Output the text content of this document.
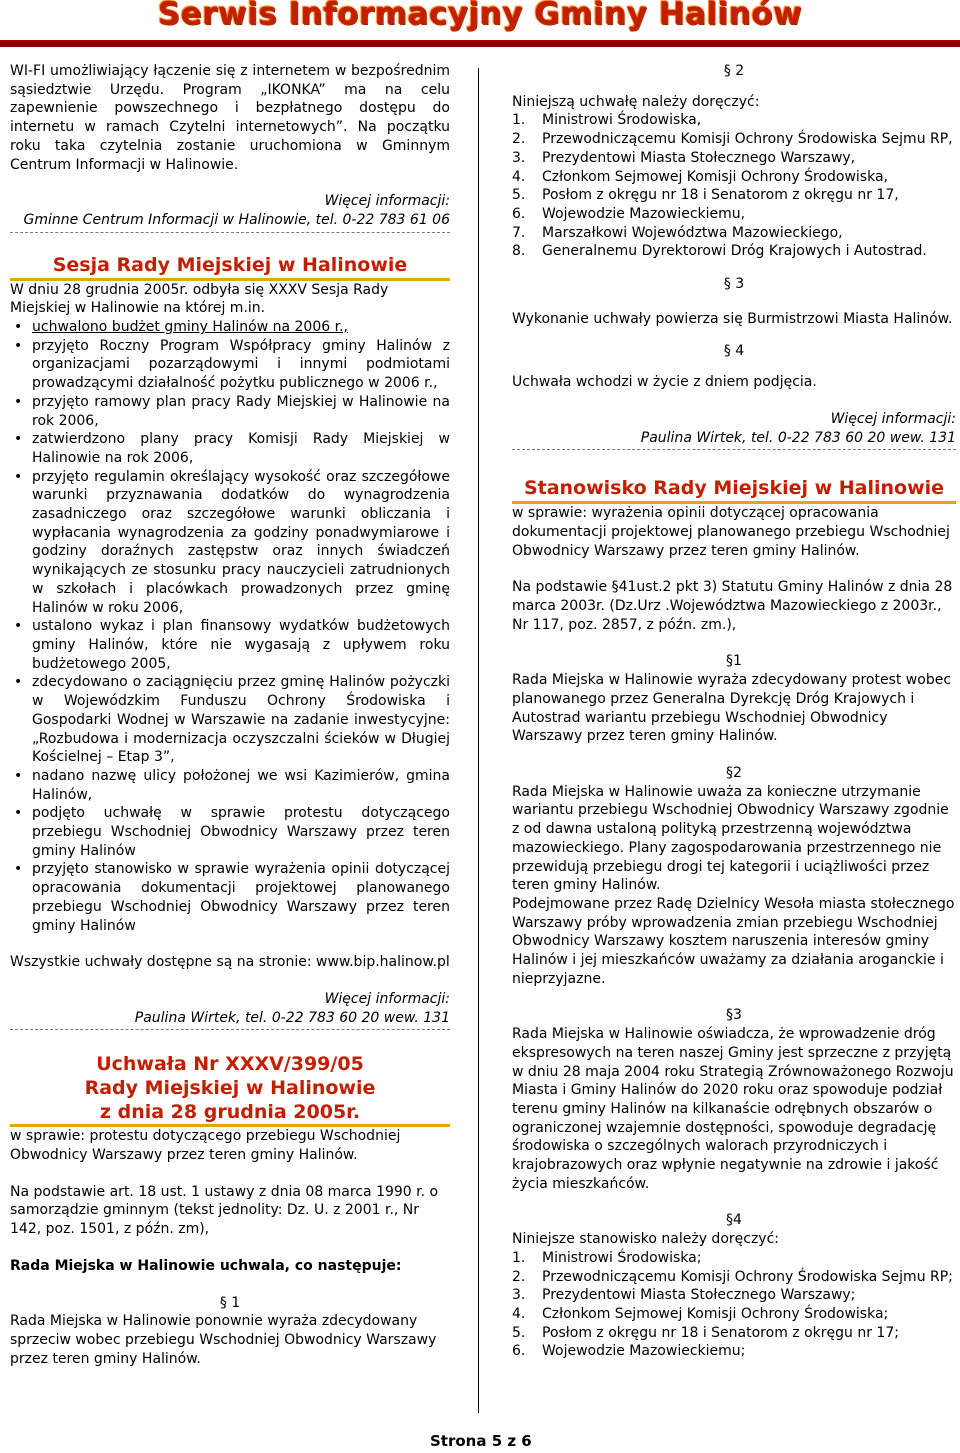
Serwis Informacyjny Gminy Halinów

WI-FI umożliwiający łączenie się z internetem w bezpośrednim sąsiedztwie Urzędu. Program „IKONKA” ma na celu zapewnienie powszechnego i bezpłatnego dostępu do internetu w ramach Czytelni internetowych”. Na początku roku taka czytelnia zostanie uruchomiona w Gminnym Centrum Informacji w Halinowie.

Więcej informacji:

Gminne Centrum Informacji w Halinowie, tel. 0-22 783 61 06

Sesja Rady Miejskiej w Halinowie

W dniu 28 grudnia 2005r. odbyła się XXXV Sesja Rady Miejskiej w Halinowie na której m.in.

• uchwalono budżet gminy Halinów na 2006 r.,
• przyjęto Roczny Program Współpracy gminy Halinów z organizacjami pozarządowymi i innymi podmiotami prowadzącymi działalność pożytku publicznego w 2006 r.,
• przyjęto ramowy plan pracy Rady Miejskiej w Halinowie na rok 2006,
• zatwierdzono plany pracy Komisji Rady Miejskiej w Halinowie na rok 2006,
• przyjęto regulamin określający wysokość oraz szczegółowe warunki przyznawania dodatków do wynagrodzenia zasadniczego oraz szczegółowe warunki obliczania i wypłacania wynagrodzenia za godziny ponadwymiarowe i godziny doraźnych zastępstw oraz innych świadczeń wynikających ze stosunku pracy nauczycieli zatrudnionych w szkołach i placówkach prowadzonych przez gminę Halinów w roku 2006,
• ustalono wykaz i plan finansowy wydatków budżetowych gminy Halinów, które nie wygasają z upływem roku budżetowego 2005,
• zdecydowano o zaciągnięciu przez gminę Halinów pożyczki w Wojewódzkim Funduszu Ochrony Środowiska i Gospodarki Wodnej w Warszawie na zadanie inwestycyjne: „Rozbudowa i modernizacja oczyszczalni ścieków w Długiej Kościelnej – Etap 3”,
• nadano nazwę ulicy położonej we wsi Kazimierów, gmina Halinów,
• podjęto uchwałę w sprawie protestu dotyczącego przebiegu Wschodniej Obwodnicy Warszawy przez teren gminy Halinów
• przyjęto stanowisko w sprawie wyrażenia opinii dotyczącej opracowania dokumentacji projektowej planowanego przebiegu Wschodniej Obwodnicy Warszawy przez teren gminy Halinów

Wszystkie uchwały dostępne są na stronie: www.bip.halinow.pl

Więcej informacji:

Paulina Wirtek, tel. 0-22 783 60 20 wew. 131

Uchwała Nr XXXV/399/05
Rady Miejskiej w Halinowie
z dnia 28 grudnia 2005r.

w sprawie: protestu dotyczącego przebiegu Wschodniej Obwodnicy Warszawy przez teren gminy Halinów.

Na podstawie art. 18 ust. 1 ustawy z dnia 08 marca 1990 r. o samorządzie gminnym (tekst jednolity: Dz. U. z 2001 r., Nr 142, poz. 1501, z późn. zm),

Rada Miejska w Halinowie uchwala, co następuje:

§ 1

Rada Miejska w Halinowie ponownie wyraża zdecydowany sprzeciw wobec przebiegu Wschodniej Obwodnicy Warszawy przez teren gminy Halinów.

§ 2

Niniejszą uchwałę należy doręczyć:

1. Ministrowi Środowiska,
2. Przewodniczącemu Komisji Ochrony Środowiska Sejmu RP,
3. Prezydentowi Miasta Stołecznego Warszawy,
4. Członkom Sejmowej Komisji Ochrony Środowiska,
5. Posłom z okręgu nr 18 i Senatorom z okręgu nr 17,
6. Wojewodzie Mazowieckiemu,
7. Marszałkowi Województwa Mazowieckiego,
8. Generalnemu Dyrektorowi Dróg Krajowych i Autostrad.

§ 3

Wykonanie uchwały powierza się Burmistrzowi Miasta Halinów.

§ 4

Uchwała wchodzi w życie z dniem podjęcia.

Więcej informacji:

Paulina Wirtek, tel. 0-22 783 60 20 wew. 131

Stanowisko Rady Miejskiej w Halinowie

w sprawie: wyrażenia opinii dotyczącej opracowania dokumentacji projektowej planowanego przebiegu Wschodniej Obwodnicy Warszawy przez teren gminy Halinów.

Na podstawie §41ust.2 pkt 3) Statutu Gminy Halinów z dnia 28 marca 2003r. (Dz.Urz .Województwa Mazowieckiego z 2003r., Nr 117, poz. 2857, z późn. zm.),

§1

Rada Miejska w Halinowie wyraża zdecydowany protest wobec planowanego przez Generalna Dyrekcję Dróg Krajowych i Autostrad wariantu przebiegu Wschodniej Obwodnicy Warszawy przez teren gminy Halinów.

§2

Rada Miejska w Halinowie uważa za konieczne utrzymanie wariantu przebiegu Wschodniej Obwodnicy Warszawy zgodnie z od dawna ustaloną polityką przestrzenną województwa mazowieckiego. Plany zagospodarowania przestrzennego nie przewidują przebiegu drogi tej kategorii i uciążliwości przez teren gminy Halinów.

Podejmowane przez Radę Dzielnicy Wesoła miasta stołecznego Warszawy próby wprowadzenia zmian przebiegu Wschodniej Obwodnicy Warszawy kosztem naruszenia interesów gminy Halinów i jej mieszkańców uważamy za działania aroganckie i nieprzyjazne.

§3

Rada Miejska w Halinowie oświadcza, że wprowadzenie dróg ekspresowych na teren naszej Gminy jest sprzeczne z przyjętą w dniu 28 maja 2004 roku Strategią Zrównoważonego Rozwoju Miasta i Gminy Halinów do 2020 roku oraz spowoduje podział terenu gminy Halinów na kilkanaście odrębnych obszarów o ograniczonej wzajemnie dostępności, spowoduje degradację środowiska o szczególnych walorach przyrodniczych i krajobrazowych oraz wpłynie negatywnie na zdrowie i jakość życia mieszkańców.

§4

Niniejsze stanowisko należy doręczyć:

1. Ministrowi Środowiska;
2. Przewodniczącemu Komisji Ochrony Środowiska Sejmu RP;
3. Prezydentowi Miasta Stołecznego Warszawy;
4. Członkom Sejmowej Komisji Ochrony Środowiska;
5. Posłom z okręgu nr 18 i Senatorom z okręgu nr 17;
6. Wojewodzie Mazowieckiemu;
Strona 5 z 6
